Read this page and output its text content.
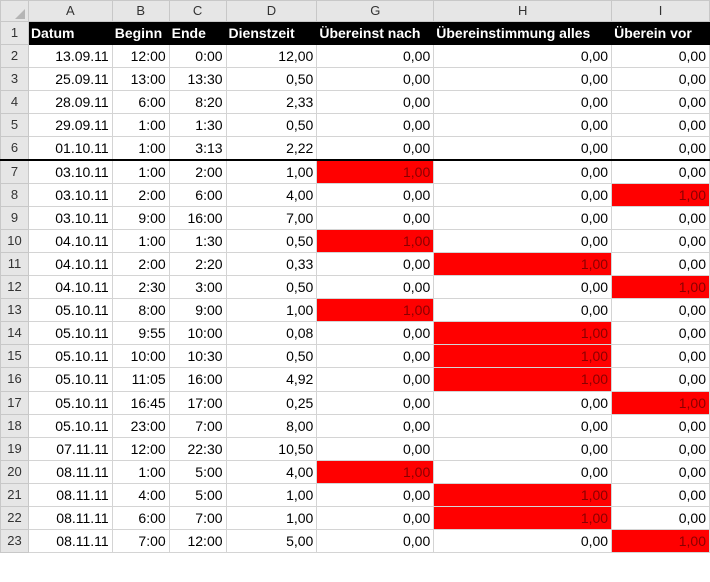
	A	B	C	D	G	H	I
1	Datum	Beginn	Ende	Dienstzeit	Übereinst nach	Übereinstimmung alles	Überein vor
2	13.09.11	12:00	0:00	12,00	0,00	0,00	0,00
3	25.09.11	13:00	13:30	0,50	0,00	0,00	0,00
4	28.09.11	6:00	8:20	2,33	0,00	0,00	0,00
5	29.09.11	1:00	1:30	0,50	0,00	0,00	0,00
6	01.10.11	1:00	3:13	2,22	0,00	0,00	0,00
7	03.10.11	1:00	2:00	1,00	1,00	0,00	0,00
8	03.10.11	2:00	6:00	4,00	0,00	0,00	1,00
9	03.10.11	9:00	16:00	7,00	0,00	0,00	0,00
10	04.10.11	1:00	1:30	0,50	1,00	0,00	0,00
11	04.10.11	2:00	2:20	0,33	0,00	1,00	0,00
12	04.10.11	2:30	3:00	0,50	0,00	0,00	1,00
13	05.10.11	8:00	9:00	1,00	1,00	0,00	0,00
14	05.10.11	9:55	10:00	0,08	0,00	1,00	0,00
15	05.10.11	10:00	10:30	0,50	0,00	1,00	0,00
16	05.10.11	11:05	16:00	4,92	0,00	1,00	0,00
17	05.10.11	16:45	17:00	0,25	0,00	0,00	1,00
18	05.10.11	23:00	7:00	8,00	0,00	0,00	0,00
19	07.11.11	12:00	22:30	10,50	0,00	0,00	0,00
20	08.11.11	1:00	5:00	4,00	1,00	0,00	0,00
21	08.11.11	4:00	5:00	1,00	0,00	1,00	0,00
22	08.11.11	6:00	7:00	1,00	0,00	1,00	0,00
23	08.11.11	7:00	12:00	5,00	0,00	0,00	1,00
